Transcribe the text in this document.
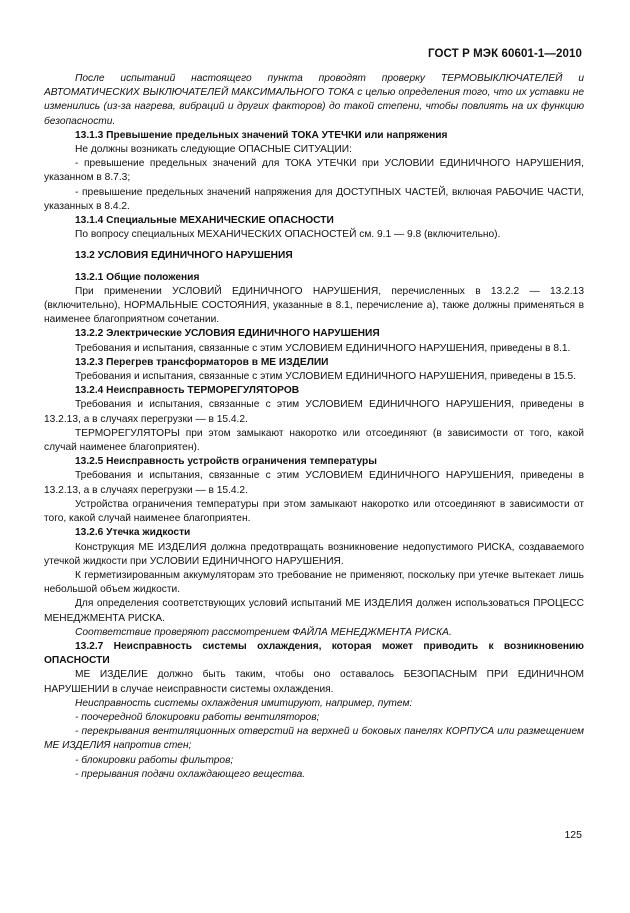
ГОСТ Р МЭК 60601-1—2010

После испытаний настоящего пункта проводят проверку ТЕРМОВЫКЛЮЧАТЕЛЕЙ и АВТОМАТИЧЕСКИХ ВЫКЛЮЧАТЕЛЕЙ МАКСИМАЛЬНОГО ТОКА с целью определения того, что их уставки не изменились (из-за нагрева, вибраций и других факторов) до такой степени, чтобы повлиять на их функцию безопасности.

13.1.3 Превышение предельных значений ТОКА УТЕЧКИ или напряжения

Не должны возникать следующие ОПАСНЫЕ СИТУАЦИИ:

- превышение предельных значений для ТОКА УТЕЧКИ при УСЛОВИИ ЕДИНИЧНОГО НАРУШЕНИЯ, указанном в 8.7.3;

- превышение предельных значений напряжения для ДОСТУПНЫХ ЧАСТЕЙ, включая РАБОЧИЕ ЧАСТИ, указанных в 8.4.2.

13.1.4 Специальные МЕХАНИЧЕСКИЕ ОПАСНОСТИ

По вопросу специальных МЕХАНИЧЕСКИХ ОПАСНОСТЕЙ см. 9.1 — 9.8 (включительно).

13.2 УСЛОВИЯ ЕДИНИЧНОГО НАРУШЕНИЯ

13.2.1 Общие положения

При применении УСЛОВИЙ ЕДИНИЧНОГО НАРУШЕНИЯ, перечисленных в 13.2.2 — 13.2.13 (включительно), НОРМАЛЬНЫЕ СОСТОЯНИЯ, указанные в 8.1, перечисление a), также должны применяться в наименее благоприятном сочетании.

13.2.2 Электрические УСЛОВИЯ ЕДИНИЧНОГО НАРУШЕНИЯ

Требования и испытания, связанные с этим УСЛОВИЕМ ЕДИНИЧНОГО НАРУШЕНИЯ, приведены в 8.1.

13.2.3 Перегрев трансформаторов в МЕ ИЗДЕЛИИ

Требования и испытания, связанные с этим УСЛОВИЕМ ЕДИНИЧНОГО НАРУШЕНИЯ, приведены в 15.5.

13.2.4 Неисправность ТЕРМОРЕГУЛЯТОРОВ

Требования и испытания, связанные с этим УСЛОВИЕМ ЕДИНИЧНОГО НАРУШЕНИЯ, приведены в 13.2.13, а в случаях перегрузки — в 15.4.2.

ТЕРМОРЕГУЛЯТОРЫ при этом замыкают накоротко или отсоединяют (в зависимости от того, какой случай наименее благоприятен).

13.2.5 Неисправность устройств ограничения температуры

Требования и испытания, связанные с этим УСЛОВИЕМ ЕДИНИЧНОГО НАРУШЕНИЯ, приведены в 13.2.13, а в случаях перегрузки — в 15.4.2.

Устройства ограничения температуры при этом замыкают накоротко или отсоединяют в зависимости от того, какой случай наименее благоприятен.

13.2.6 Утечка жидкости

Конструкция МЕ ИЗДЕЛИЯ должна предотвращать возникновение недопустимого РИСКА, создаваемого утечкой жидкости при УСЛОВИИ ЕДИНИЧНОГО НАРУШЕНИЯ.

К герметизированным аккумуляторам это требование не применяют, поскольку при утечке вытекает лишь небольшой объем жидкости.

Для определения соответствующих условий испытаний МЕ ИЗДЕЛИЯ должен использоваться ПРОЦЕСС МЕНЕДЖМЕНТА РИСКА.

Соответствие проверяют рассмотрением ФАЙЛА МЕНЕДЖМЕНТА РИСКА.

13.2.7 Неисправность системы охлаждения, которая может приводить к возникновению ОПАСНОСТИ

МЕ ИЗДЕЛИЕ должно быть таким, чтобы оно оставалось БЕЗОПАСНЫМ ПРИ ЕДИНИЧНОМ НАРУШЕНИИ в случае неисправности системы охлаждения.

Неисправность системы охлаждения имитируют, например, путем:

- поочередной блокировки работы вентиляторов;

- перекрывания вентиляционных отверстий на верхней и боковых панелях КОРПУСА или размещением МЕ ИЗДЕЛИЯ напротив стен;

- блокировки работы фильтров;

- прерывания подачи охлаждающего вещества.

125
